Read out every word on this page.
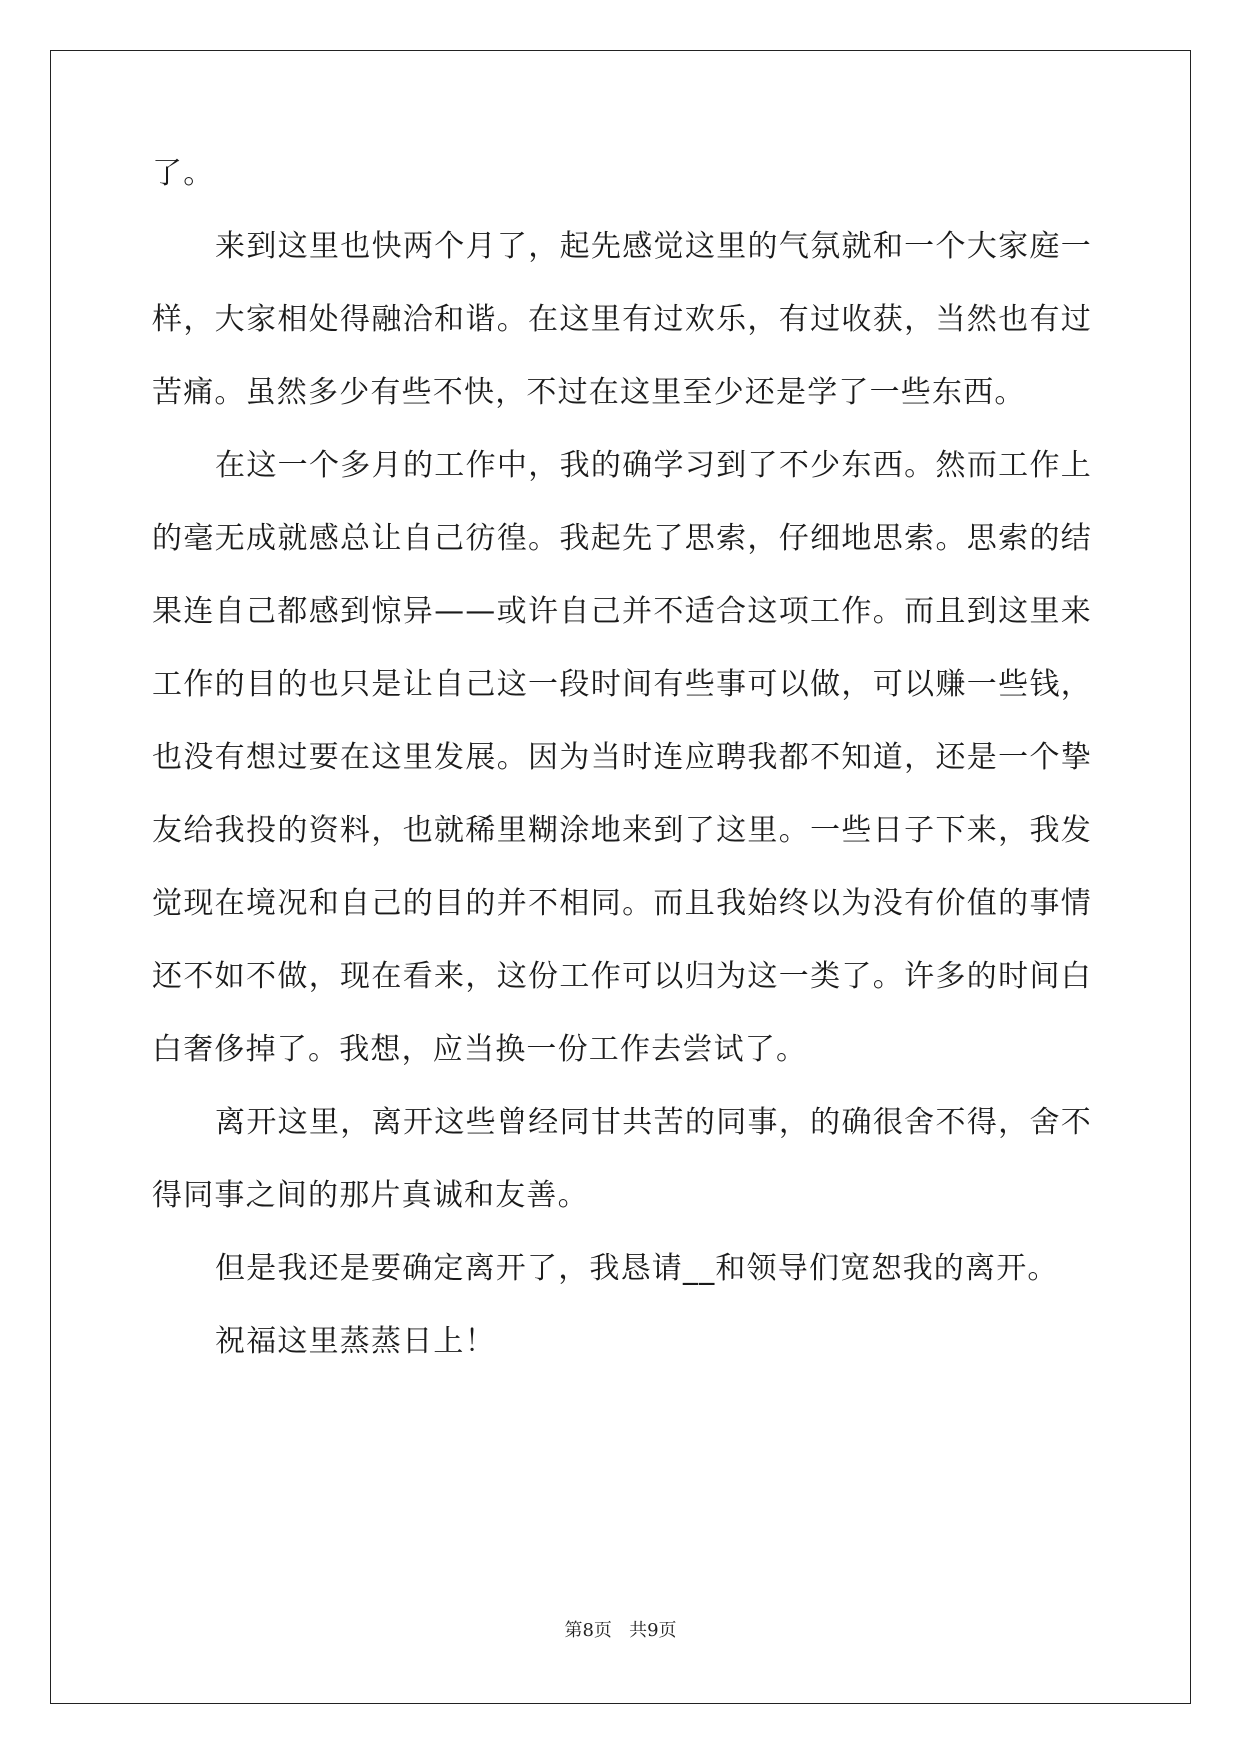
了。
来到这里也快两个月了，起先感觉这里的气氛就和一个大家庭一
样，大家相处得融洽和谐。在这里有过欢乐，有过收获，当然也有过
苦痛。虽然多少有些不快，不过在这里至少还是学了一些东西。
在这一个多月的工作中，我的确学习到了不少东西。然而工作上
的毫无成就感总让自己彷徨。我起先了思索，仔细地思索。思索的结
果连自己都感到惊异——或许自己并不适合这项工作。而且到这里来
工作的目的也只是让自己这一段时间有些事可以做，可以赚一些钱，
也没有想过要在这里发展。因为当时连应聘我都不知道，还是一个挚
友给我投的资料，也就稀里糊涂地来到了这里。一些日子下来，我发
觉现在境况和自己的目的并不相同。而且我始终以为没有价值的事情
还不如不做，现在看来，这份工作可以归为这一类了。许多的时间白
白奢侈掉了。我想，应当换一份工作去尝试了。
离开这里，离开这些曾经同甘共苦的同事，的确很舍不得，舍不
得同事之间的那片真诚和友善。
但是我还是要确定离开了，我恳请__和领导们宽恕我的离开。
祝福这里蒸蒸日上！
第8页 共9页
